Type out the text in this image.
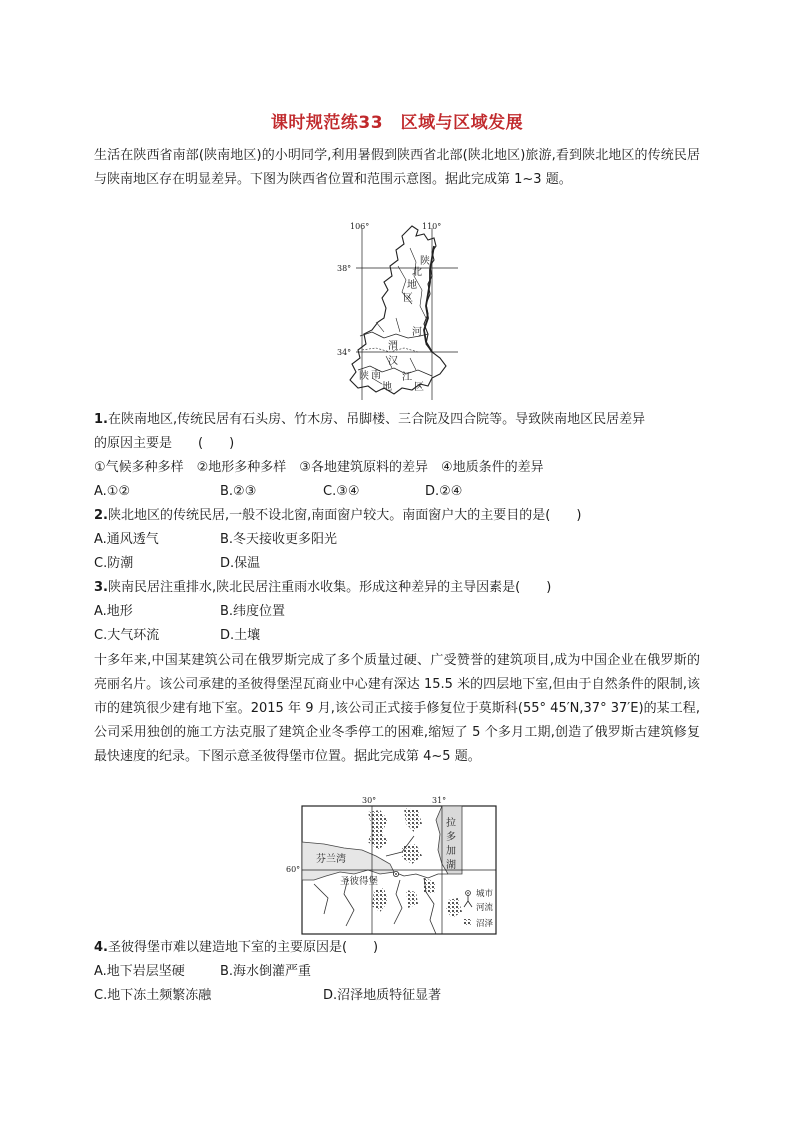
课时规范练33　区域与区域发展
生活在陕西省南部(陕南地区)的小明同学,利用暑假到陕西省北部(陕北地区)旅游,看到陕北地区的传统民居与陕南地区存在明显差异。下图为陕西省位置和范围示意图。据此完成第 1~3 题。
106°	110°
38°
34°
陕
北
地
区
渭
河
陕 南
地 区
汉
江
1.在陕南地区,传统民居有石头房、竹木房、吊脚楼、三合院及四合院等。导致陕南地区民居差异
的原因主要是　　(　　)
①气候多种多样　②地形多种多样　③各地建筑原料的差异　④地质条件的差异
A.①②	B.②③	C.③④	D.②④
2.陕北地区的传统民居,一般不设北窗,南面窗户较大。南面窗户大的主要目的是(　　)
A.通风透气	B.冬天接收更多阳光
C.防潮	D.保温
3.陕南民居注重排水,陕北民居注重雨水收集。形成这种差异的主导因素是(　　)
A.地形	B.纬度位置
C.大气环流	D.土壤
十多年来,中国某建筑公司在俄罗斯完成了多个质量过硬、广受赞誉的建筑项目,成为中国企业在俄罗斯的亮丽名片。该公司承建的圣彼得堡涅瓦商业中心建有深达 15.5 米的四层地下室,但由于自然条件的限制,该市的建筑很少建有地下室。2015 年 9 月,该公司正式接手修复位于莫斯科(55° 45′N,37° 37′E)的某工程,公司采用独创的施工方法克服了建筑企业冬季停工的困难,缩短了 5 个多月工期,创造了俄罗斯古建筑修复最快速度的纪录。下图示意圣彼得堡市位置。据此完成第 4~5 题。
30°	31°
60°
拉
多
加
湖
芬兰湾
圣彼得堡
城市
河流
沼泽
4.圣彼得堡市难以建造地下室的主要原因是(　　)
A.地下岩层坚硬	B.海水倒灌严重
C.地下冻土频繁冻融	D.沼泽地质特征显著
